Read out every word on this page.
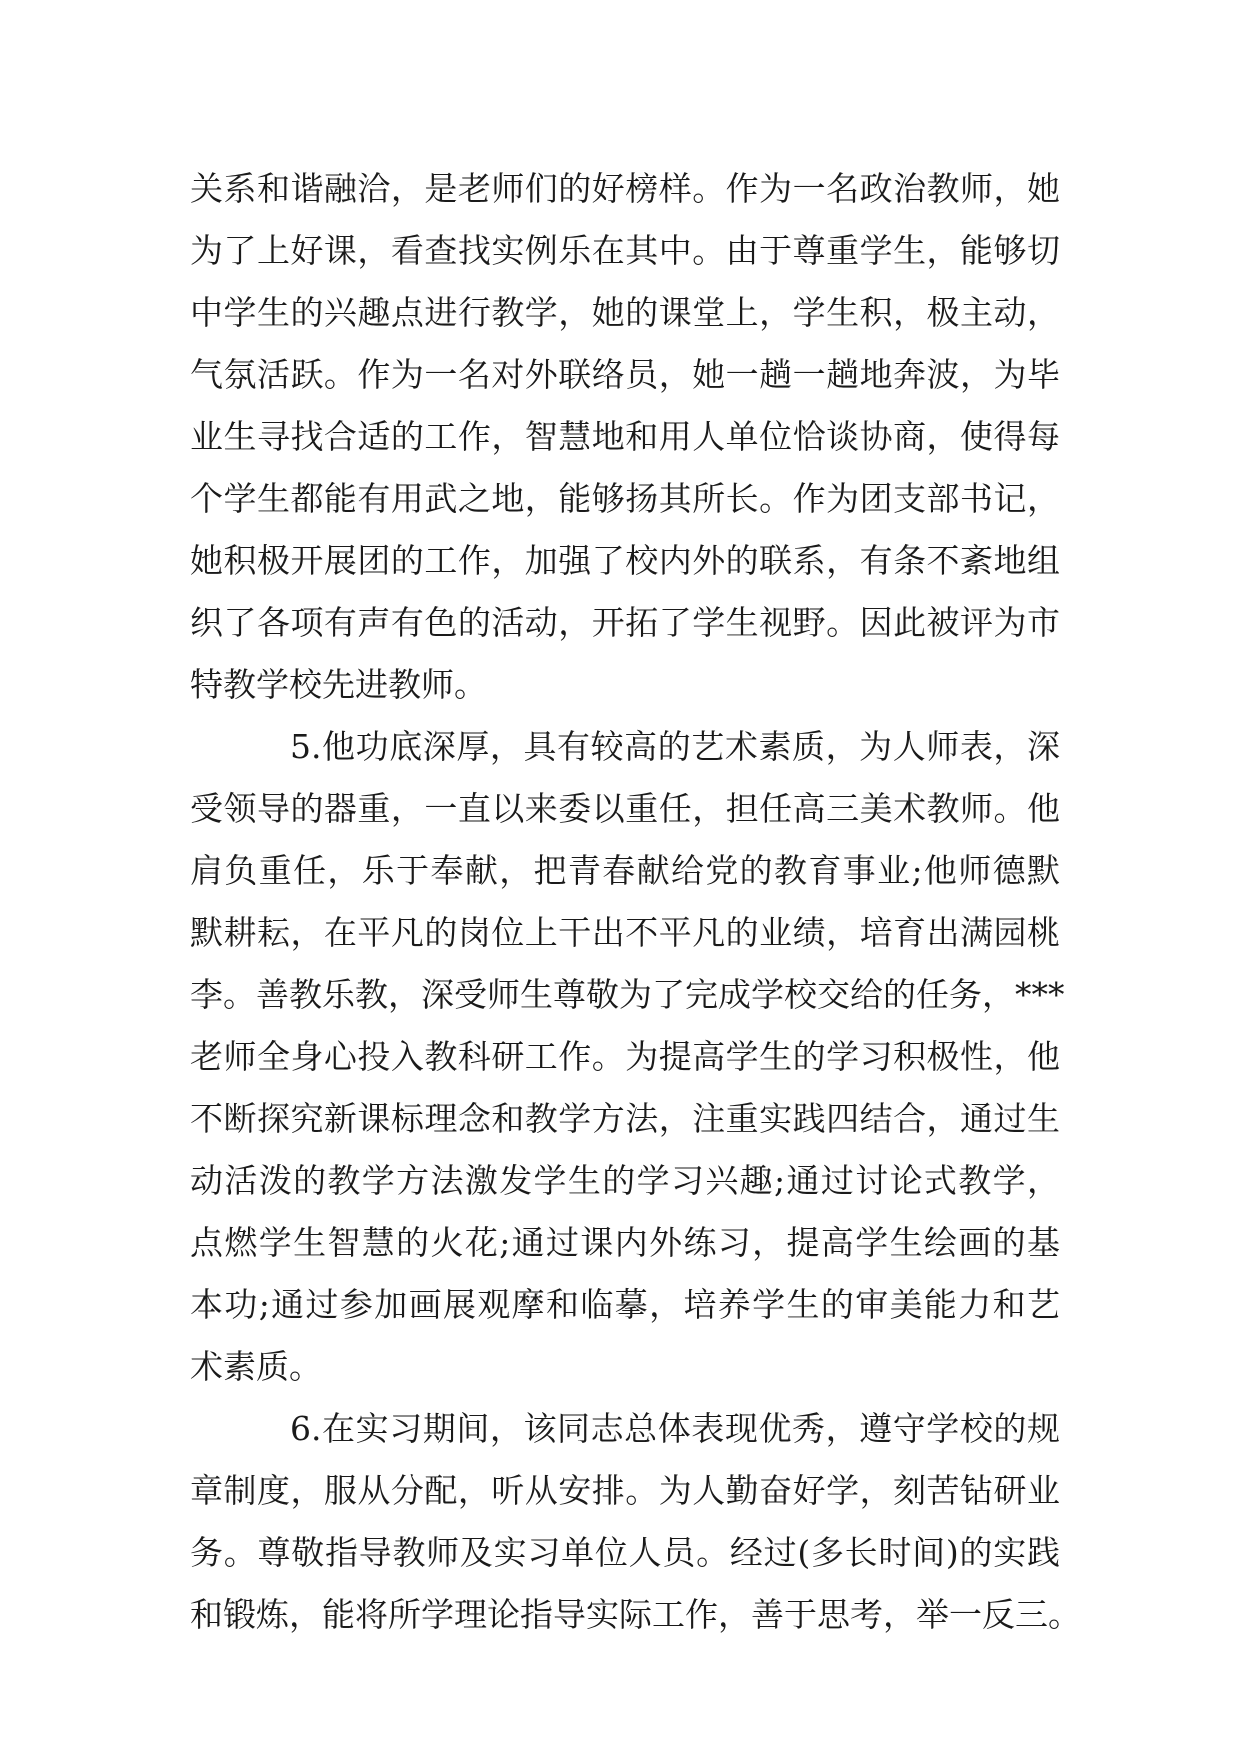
关系和谐融洽，是老师们的好榜样。作为一名政治教师，她
为了上好课，看查找实例乐在其中。由于尊重学生，能够切
中学生的兴趣点进行教学，她的课堂上，学生积，极主动，
气氛活跃。作为一名对外联络员，她一趟一趟地奔波，为毕
业生寻找合适的工作，智慧地和用人单位恰谈协商，使得每
个学生都能有用武之地，能够扬其所长。作为团支部书记，
她积极开展团的工作，加强了校内外的联系，有条不紊地组
织了各项有声有色的活动，开拓了学生视野。因此被评为市
特教学校先进教师。
5.他功底深厚，具有较高的艺术素质，为人师表，深
受领导的器重，一直以来委以重任，担任高三美术教师。他
肩负重任，乐于奉献，把青春献给党的教育事业;他师德默
默耕耘，在平凡的岗位上干出不平凡的业绩，培育出满园桃
李。善教乐教，深受师生尊敬为了完成学校交给的任务，***
老师全身心投入教科研工作。为提高学生的学习积极性，他
不断探究新课标理念和教学方法，注重实践四结合，通过生
动活泼的教学方法激发学生的学习兴趣;通过讨论式教学，
点燃学生智慧的火花;通过课内外练习，提高学生绘画的基
本功;通过参加画展观摩和临摹，培养学生的审美能力和艺
术素质。
6.在实习期间，该同志总体表现优秀，遵守学校的规
章制度，服从分配，听从安排。为人勤奋好学，刻苦钻研业
务。尊敬指导教师及实习单位人员。经过(多长时间)的实践
和锻炼，能将所学理论指导实际工作，善于思考，举一反三。
